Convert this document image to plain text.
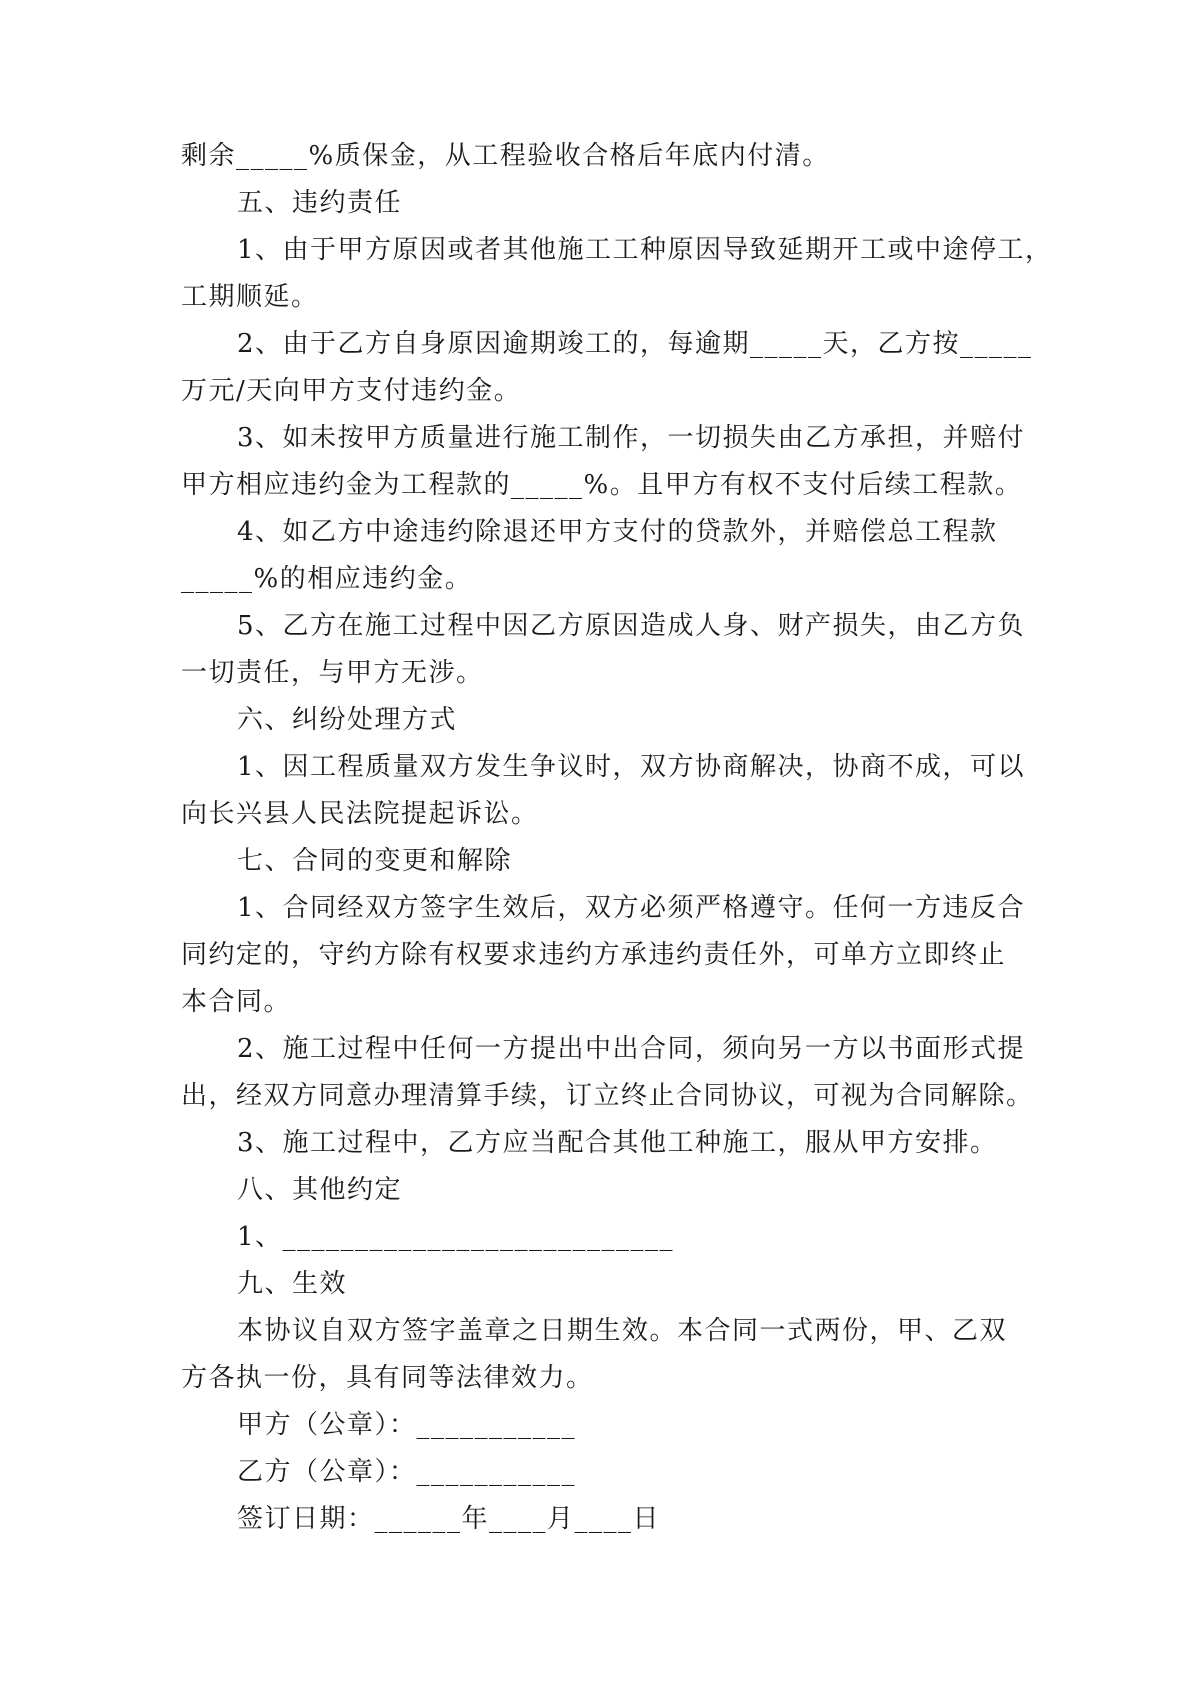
剩余_____%质保金，从工程验收合格后年底内付清。
五、违约责任
1、由于甲方原因或者其他施工工种原因导致延期开工或中途停工，
工期顺延。
2、由于乙方自身原因逾期竣工的，每逾期_____天，乙方按_____
万元/天向甲方支付违约金。
3、如未按甲方质量进行施工制作，一切损失由乙方承担，并赔付
甲方相应违约金为工程款的_____%。且甲方有权不支付后续工程款。
4、如乙方中途违约除退还甲方支付的贷款外，并赔偿总工程款
_____%的相应违约金。
5、乙方在施工过程中因乙方原因造成人身、财产损失，由乙方负
一切责任，与甲方无涉。
六、纠纷处理方式
1、因工程质量双方发生争议时，双方协商解决，协商不成，可以
向长兴县人民法院提起诉讼。
七、合同的变更和解除
1、合同经双方签字生效后，双方必须严格遵守。任何一方违反合
同约定的，守约方除有权要求违约方承违约责任外，可单方立即终止
本合同。
2、施工过程中任何一方提出中出合同，须向另一方以书面形式提
出，经双方同意办理清算手续，订立终止合同协议，可视为合同解除。
3、施工过程中，乙方应当配合其他工种施工，服从甲方安排。
八、其他约定
1、___________________________
九、生效
本协议自双方签字盖章之日期生效。本合同一式两份，甲、乙双
方各执一份，具有同等法律效力。
甲方（公章）：___________
乙方（公章）：___________
签订日期：______年____月____日
